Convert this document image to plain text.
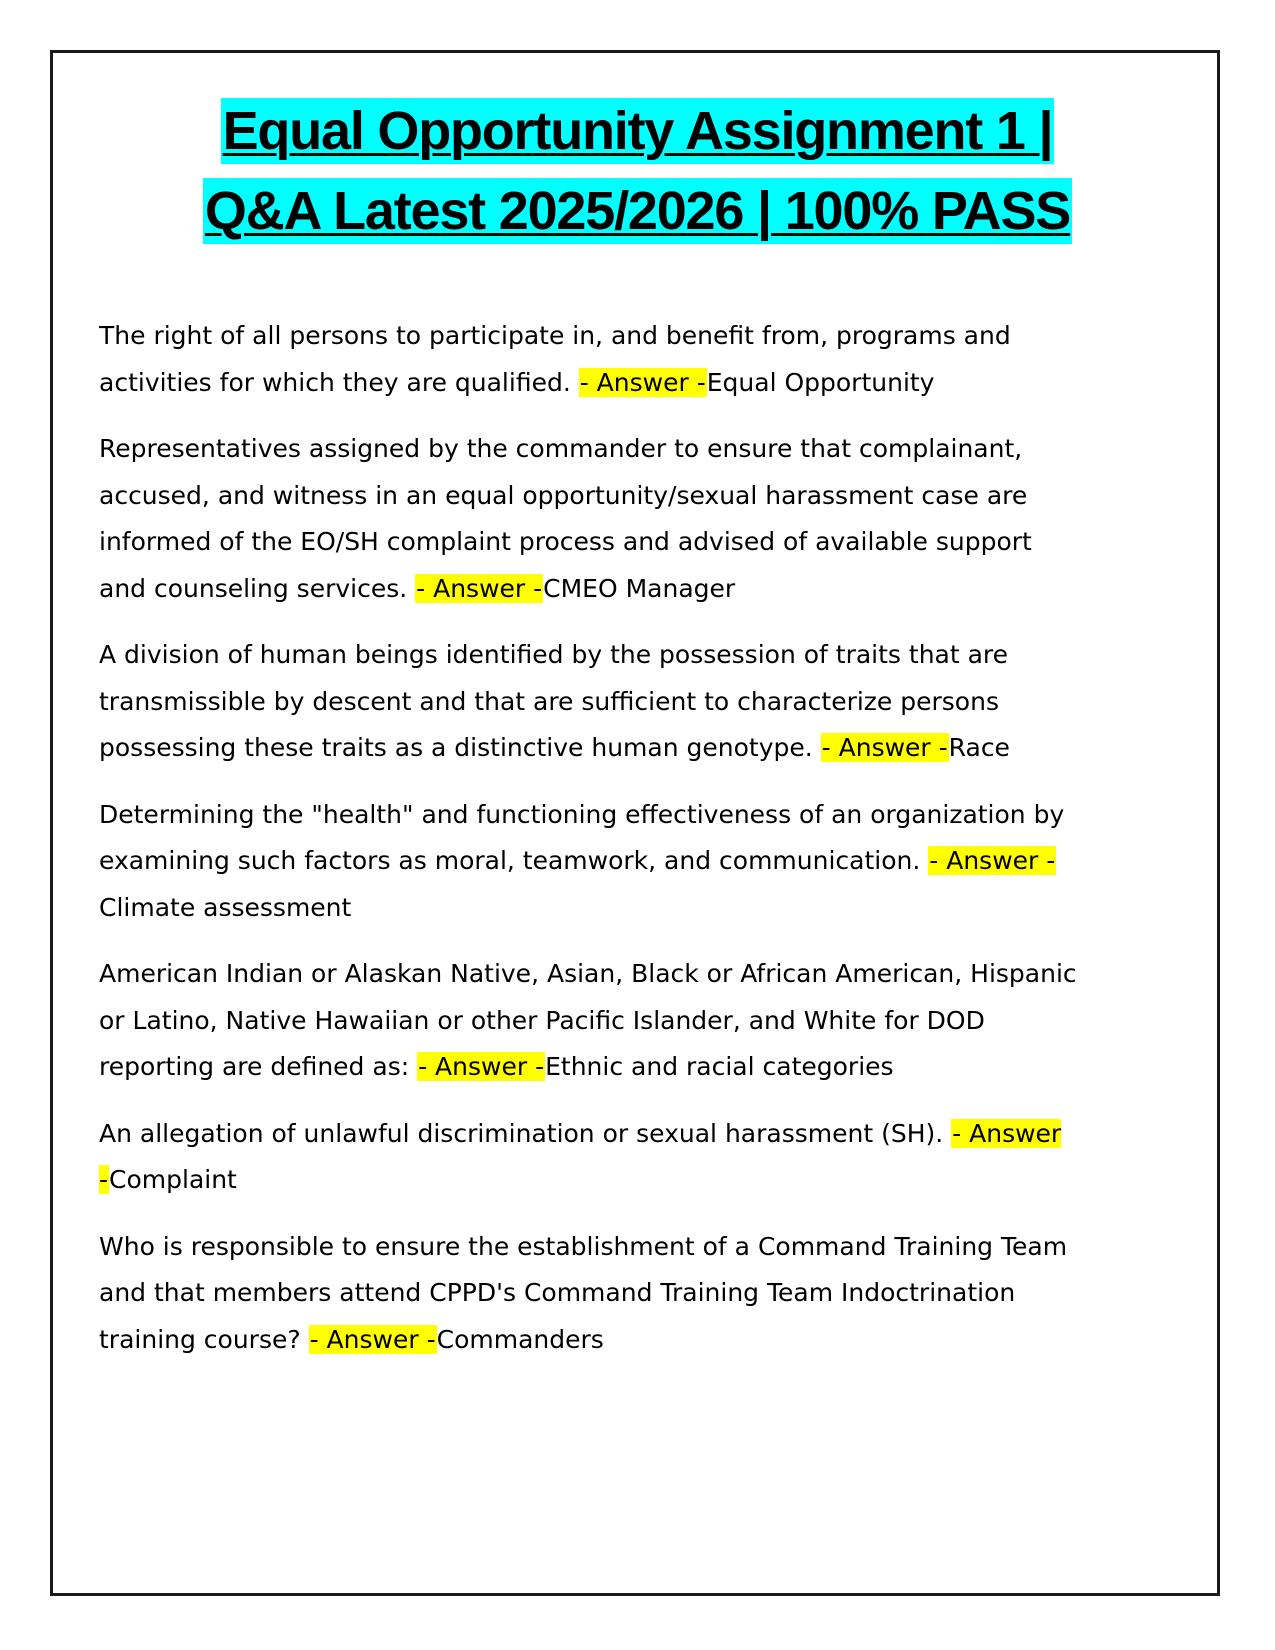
Equal Opportunity Assignment 1 |
Q&A Latest 2025/2026 | 100% PASS

The right of all persons to participate in, and benefit from, programs and activities for which they are qualified. - Answer -Equal Opportunity

Representatives assigned by the commander to ensure that complainant, accused, and witness in an equal opportunity/sexual harassment case are informed of the EO/SH complaint process and advised of available support and counseling services. - Answer -CMEO Manager

A division of human beings identified by the possession of traits that are transmissible by descent and that are sufficient to characterize persons possessing these traits as a distinctive human genotype. - Answer -Race

Determining the "health" and functioning effectiveness of an organization by examining such factors as moral, teamwork, and communication. - Answer -Climate assessment

American Indian or Alaskan Native, Asian, Black or African American, Hispanic or Latino, Native Hawaiian or other Pacific Islander, and White for DOD reporting are defined as: - Answer -Ethnic and racial categories

An allegation of unlawful discrimination or sexual harassment (SH). - Answer -Complaint

Who is responsible to ensure the establishment of a Command Training Team and that members attend CPPD's Command Training Team Indoctrination training course? - Answer -Commanders
